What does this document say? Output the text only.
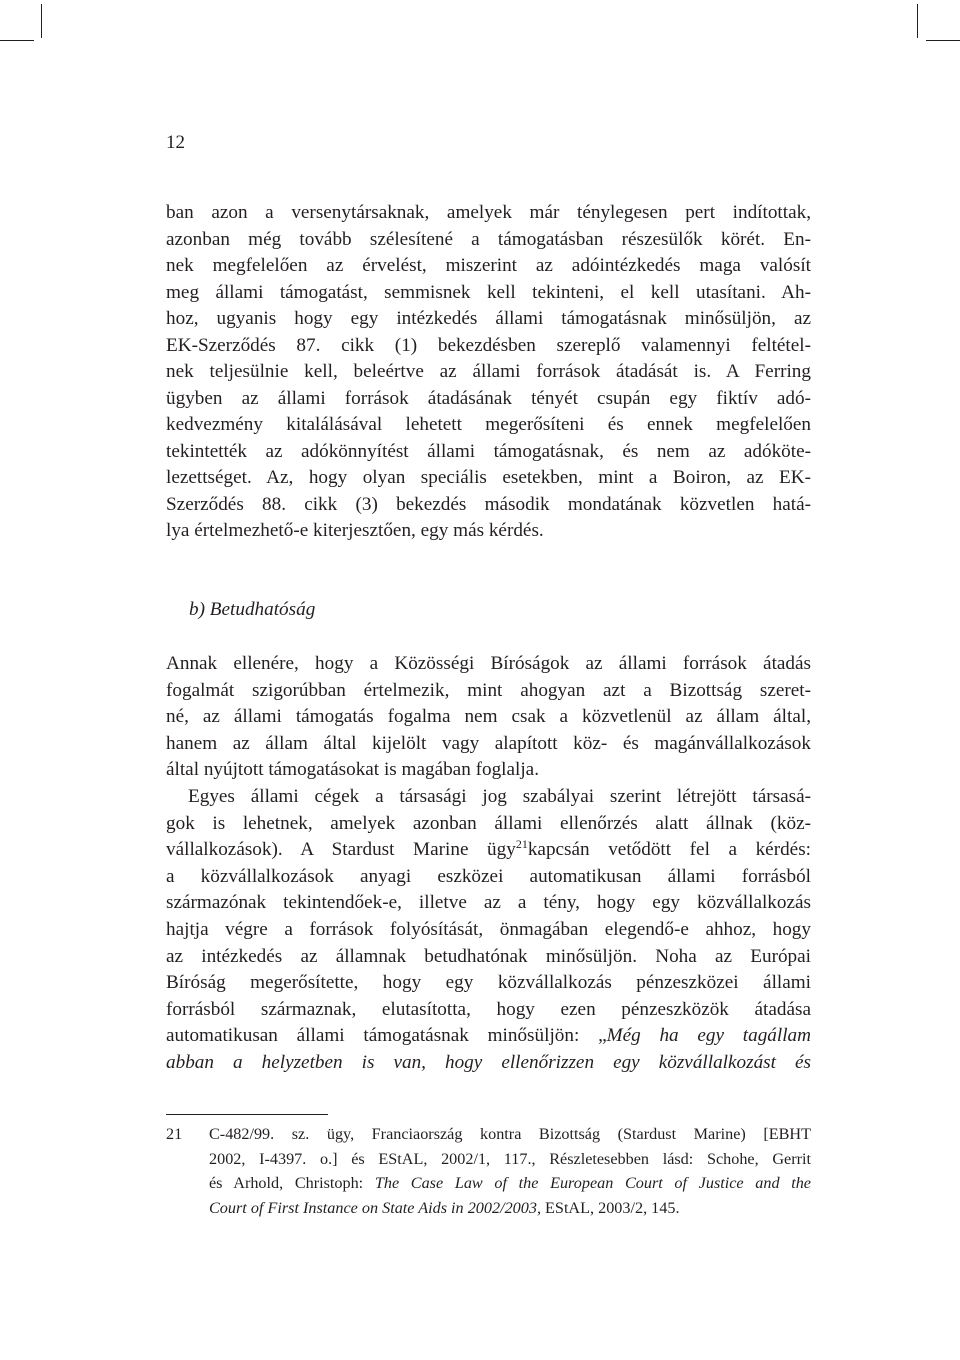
12
ban azon a versenytársaknak, amelyek már ténylegesen pert indítottak,
azonban még tovább szélesítené a támogatásban részesülők körét. En-
nek megfelelően az érvelést, miszerint az adóintézkedés maga valósít
meg állami támogatást, semmisnek kell tekinteni, el kell utasítani. Ah-
hoz, ugyanis hogy egy intézkedés állami támogatásnak minősüljön, az
EK-Szerződés 87. cikk (1) bekezdésben szereplő valamennyi feltétel-
nek teljesülnie kell, beleértve az állami források átadását is. A Ferring
ügyben az állami források átadásának tényét csupán egy fiktív adó-
kedvezmény kitalálásával lehetett megerősíteni és ennek megfelelően
tekintették az adókönnyítést állami támogatásnak, és nem az adóköte-
lezettséget. Az, hogy olyan speciális esetekben, mint a Boiron, az EK-
Szerződés 88. cikk (3) bekezdés második mondatának közvetlen hatá-
lya értelmezhető-e kiterjesztően, egy más kérdés.
b) Betudhatóság
Annak ellenére, hogy a Közösségi Bíróságok az állami források átadás
fogalmát szigorúbban értelmezik, mint ahogyan azt a Bizottság szeret-
né, az állami támogatás fogalma nem csak a közvetlenül az állam által,
hanem az állam által kijelölt vagy alapított köz- és magánvállalkozások
által nyújtott támogatásokat is magában foglalja.
Egyes állami cégek a társasági jog szabályai szerint létrejött társasá-
gok is lehetnek, amelyek azonban állami ellenőrzés alatt állnak (köz-
vállalkozások). A Stardust Marine ügy$^{21}$kapcsán vetődött fel a kérdés:
a közvállalkozások anyagi eszközei automatikusan állami forrásból
származónak tekintendőek-e, illetve az a tény, hogy egy közvállalkozás
hajtja végre a források folyósítását, önmagában elegendő-e ahhoz, hogy
az intézkedés az államnak betudhatónak minősüljön. Noha az Európai
Bíróság megerősítette, hogy egy közvállalkozás pénzeszközei állami
forrásból származnak, elutasította, hogy ezen pénzeszközök átadása
automatikusan állami támogatásnak minősüljön: „Még ha egy tagállam
abban a helyzetben is van, hogy ellenőrizzen egy közvállalkozást és
21 C-482/99. sz. ügy, Franciaország kontra Bizottság (Stardust Marine) [EBHT
2002, I-4397. o.] és EStAL, 2002/1, 117., Részletesebben lásd: Schohe, Gerrit
és Arhold, Christoph: The Case Law of the European Court of Justice and the
Court of First Instance on State Aids in 2002/2003, EStAL, 2003/2, 145.
